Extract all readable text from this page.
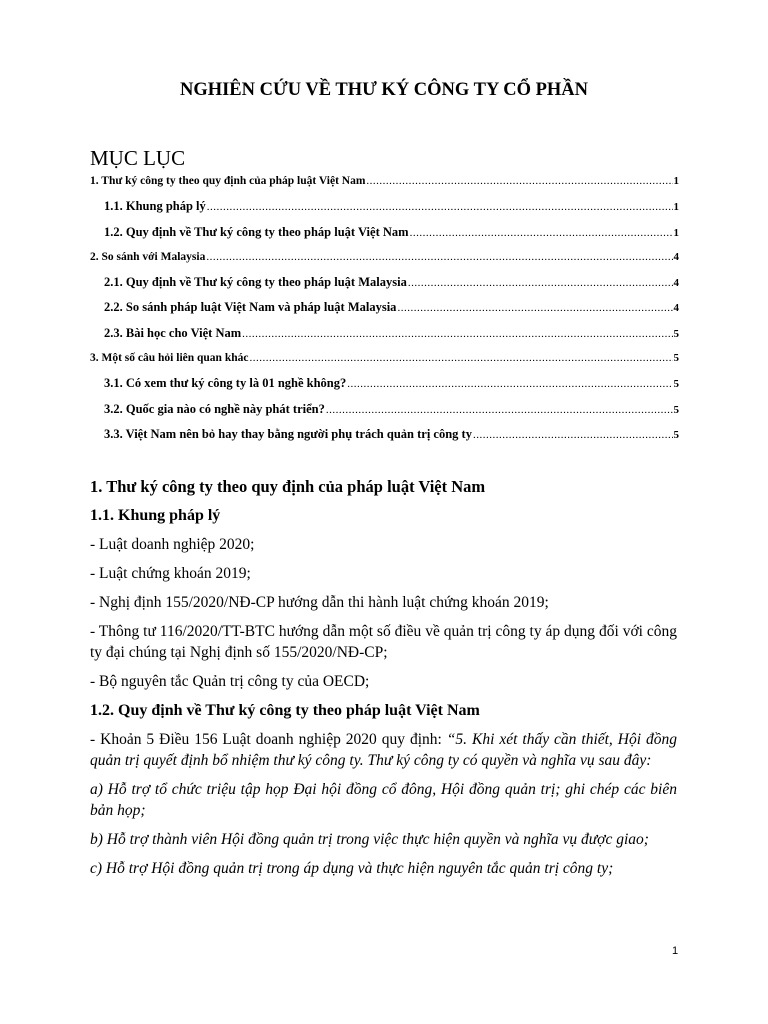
NGHIÊN CỨU VỀ THƯ KÝ CÔNG TY CỔ PHẦN
MỤC LỤC
1. Thư ký công ty theo quy định của pháp luật Việt Nam .....	1
1.1. Khung pháp lý .....	1
1.2. Quy định về Thư ký công ty theo pháp luật Việt Nam .....	1
2. So sánh với Malaysia .....	4
2.1. Quy định về Thư ký công ty theo pháp luật Malaysia .....	4
2.2. So sánh pháp luật Việt Nam và pháp luật Malaysia .....	4
2.3. Bài học cho Việt Nam .....	5
3. Một số câu hỏi liên quan khác .....	5
3.1. Có xem thư ký công ty là 01 nghề không? .....	5
3.2. Quốc gia nào có nghề này phát triển? .....	5
3.3. Việt Nam nên bỏ hay thay bằng người phụ trách quản trị công ty .....	5

1. Thư ký công ty theo quy định của pháp luật Việt Nam

1.1. Khung pháp lý

- Luật doanh nghiệp 2020;

- Luật chứng khoán 2019;

- Nghị định 155/2020/NĐ-CP hướng dẫn thi hành luật chứng khoán 2019;

- Thông tư 116/2020/TT-BTC hướng dẫn một số điều về quản trị công ty áp dụng đối với công ty đại chúng tại Nghị định số 155/2020/NĐ-CP;

- Bộ nguyên tắc Quản trị công ty của OECD;

1.2. Quy định về Thư ký công ty theo pháp luật Việt Nam

- Khoản 5 Điều 156 Luật doanh nghiệp 2020 quy định: “5. Khi xét thấy cần thiết, Hội đồng quản trị quyết định bổ nhiệm thư ký công ty. Thư ký công ty có quyền và nghĩa vụ sau đây:

a) Hỗ trợ tổ chức triệu tập họp Đại hội đồng cổ đông, Hội đồng quản trị; ghi chép các biên bản họp;

b) Hỗ trợ thành viên Hội đồng quản trị trong việc thực hiện quyền và nghĩa vụ được giao;

c) Hỗ trợ Hội đồng quản trị trong áp dụng và thực hiện nguyên tắc quản trị công ty;

1
